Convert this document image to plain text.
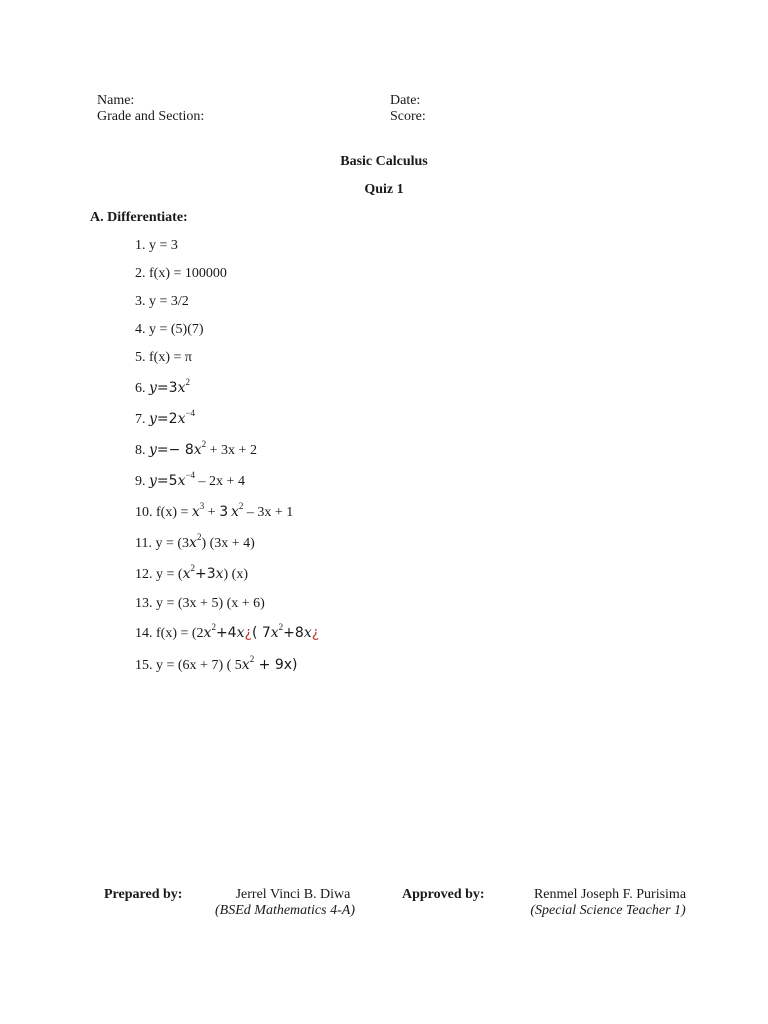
Name:
Grade and Section:
Date:
Score:
Basic Calculus
Quiz 1
A. Differentiate:
1. y = 3
2. f(x) = 100000
3. y = 3/2
4. y = (5)(7)
5. f(x) = π
6. $y=3x^2$
7. $y=2x^{-4}$
8. $y=- 8x^2 + 3x + 2$
9. $y=5x^{-4} - 2x + 4$
10. $f(x) = x^3 + 3$  $x^2 - 3x + 1$
11. $y = (3x^2) (3x + 4)$
12. $y = (x^2+3x)$ (x)
13. y = (3x + 5) (x + 6)
14. $f(x) = (2x^2+4x¿$( $7x^2+8x¿$
15. y = (6x + 7) ( $5x^2 + 9x$)
Prepared by:	Jerrel Vinci B. Diwa
(BSEd Mathematics 4-A)
Approved by:	Renmel Joseph F. Purisima
(Special Science Teacher 1)
